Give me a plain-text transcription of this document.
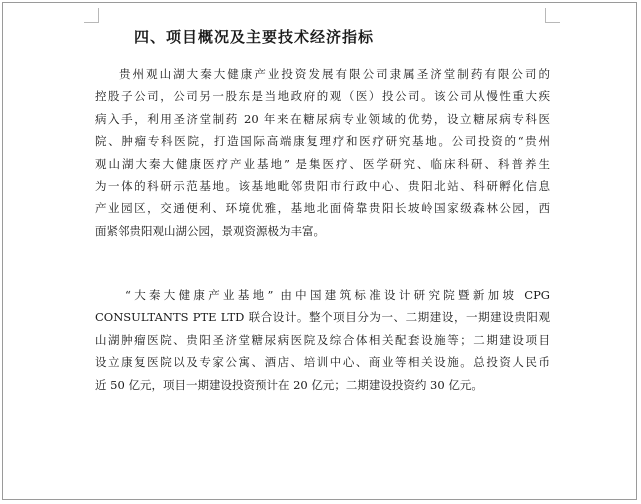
四、项目概况及主要技术经济指标
贵州观山湖大秦大健康产业投资发展有限公司隶属圣济堂制药有限公司的
控股子公司，公司另一股东是当地政府的观（医）投公司。该公司从慢性重大疾
病入手，利用圣济堂制药 20 年来在糖尿病专业领域的优势，设立糖尿病专科医
院、肿瘤专科医院，打造国际高端康复理疗和医疗研究基地。公司投资的“贵州
观山湖大秦大健康医疗产业基地” 是集医疗、医学研究、临床科研、科普养生
为一体的科研示范基地。该基地毗邻贵阳市行政中心、贵阳北站、科研孵化信息
产业园区，交通便利、环境优雅，基地北面倚靠贵阳长坡岭国家级森林公园，西
面紧邻贵阳观山湖公园，景观资源极为丰富。
“大秦大健康产业基地” 由中国建筑标准设计研究院暨新加坡 CPG
CONSULTANTS PTE LTD 联合设计。整个项目分为一、二期建设，一期建设贵阳观
山湖肿瘤医院、贵阳圣济堂糖尿病医院及综合体相关配套设施等；二期建设项目
设立康复医院以及专家公寓、酒店、培训中心、商业等相关设施。总投资人民币
近 50 亿元，项目一期建设投资预计在 20 亿元；二期建设投资约 30 亿元。
